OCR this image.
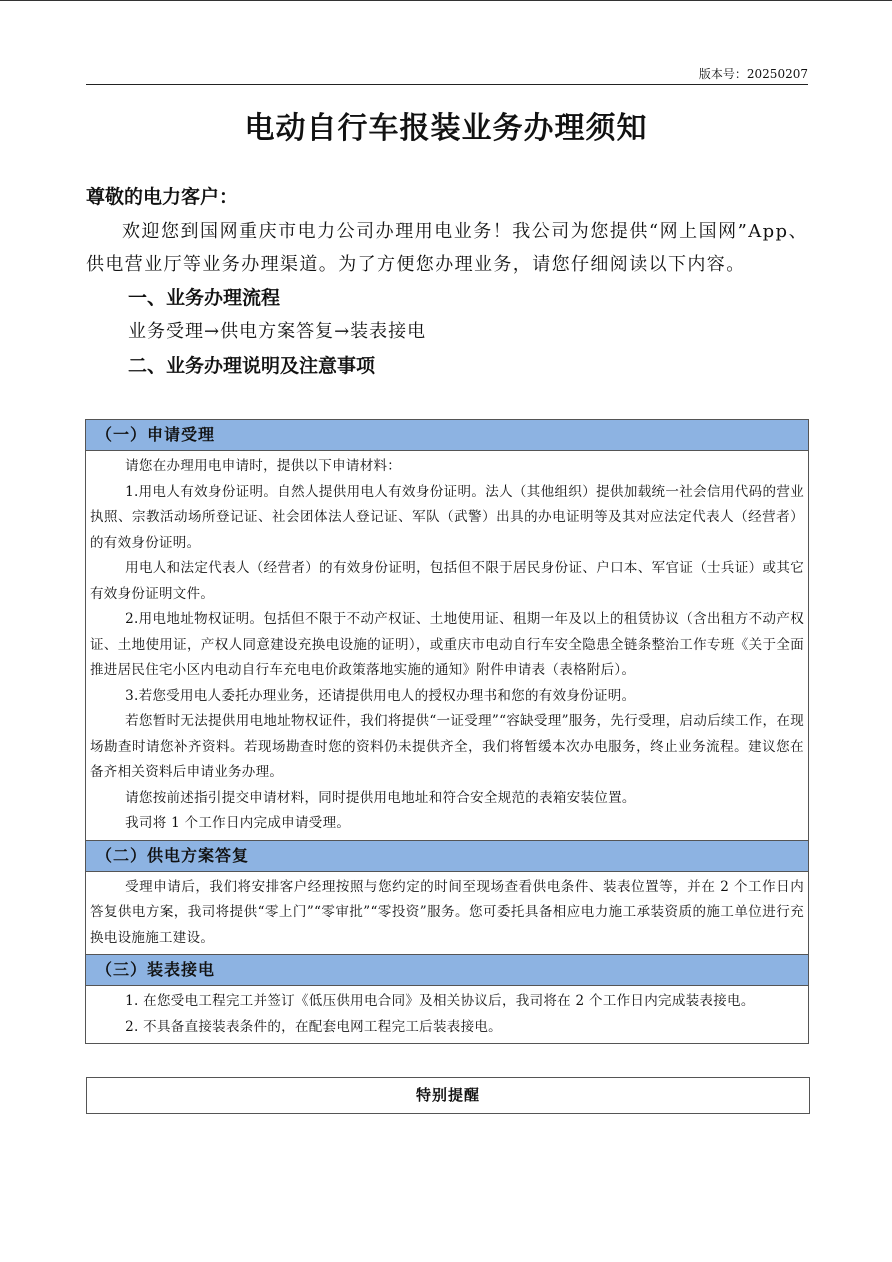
版本号：20250207
电动自行车报装业务办理须知

尊敬的电力客户：

欢迎您到国网重庆市电力公司办理用电业务！我公司为您提供“网上国网”App、供电营业厅等业务办理渠道。为了方便您办理业务，请您仔细阅读以下内容。

一、业务办理流程

业务受理→供电方案答复→装表接电

二、业务办理说明及注意事项

（一）申请受理

请您在办理用电申请时，提供以下申请材料：

1.用电人有效身份证明。自然人提供用电人有效身份证明。法人（其他组织）提供加载统一社会信用代码的营业执照、宗教活动场所登记证、社会团体法人登记证、军队（武警）出具的办电证明等及其对应法定代表人（经营者）的有效身份证明。

用电人和法定代表人（经营者）的有效身份证明，包括但不限于居民身份证、户口本、军官证（士兵证）或其它有效身份证明文件。

2.用电地址物权证明。包括但不限于不动产权证、土地使用证、租期一年及以上的租赁协议（含出租方不动产权证、土地使用证，产权人同意建设充换电设施的证明），或重庆市电动自行车安全隐患全链条整治工作专班《关于全面推进居民住宅小区内电动自行车充电电价政策落地实施的通知》附件申请表（表格附后）。

3.若您受用电人委托办理业务，还请提供用电人的授权办理书和您的有效身份证明。

若您暂时无法提供用电地址物权证件，我们将提供“一证受理”“容缺受理”服务，先行受理，启动后续工作，在现场勘查时请您补齐资料。若现场勘查时您的资料仍未提供齐全，我们将暂缓本次办电服务，终止业务流程。建议您在备齐相关资料后申请业务办理。

请您按前述指引提交申请材料，同时提供用电地址和符合安全规范的表箱安装位置。

我司将 1 个工作日内完成申请受理。

（二）供电方案答复

受理申请后，我们将安排客户经理按照与您约定的时间至现场查看供电条件、装表位置等，并在 2 个工作日内答复供电方案，我司将提供“零上门”“零审批”“零投资”服务。您可委托具备相应电力施工承装资质的施工单位进行充换电设施施工建设。

（三）装表接电

1. 在您受电工程完工并签订《低压供用电合同》及相关协议后，我司将在 2 个工作日内完成装表接电。

2. 不具备直接装表条件的，在配套电网工程完工后装表接电。

特别提醒
